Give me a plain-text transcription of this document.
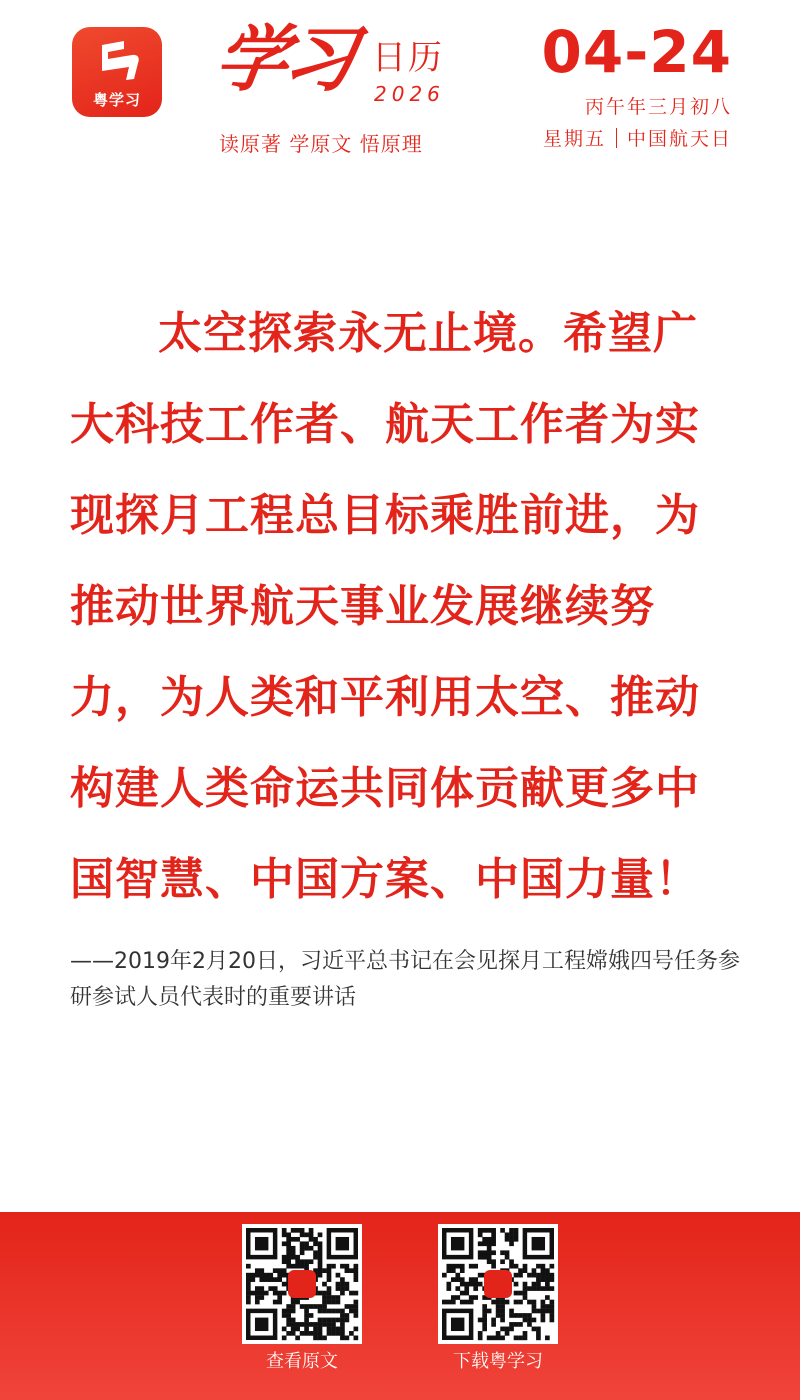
粤学习 学习 日历
2026
读原著 学原文 悟原理
04-24
丙午年三月初八
星期五 中国航天日

太空探索永无止境。希望广大科技工作者、航天工作者为实现探月工程总目标乘胜前进，为推动世界航天事业发展继续努力，为人类和平利用太空、推动构建人类命运共同体贡献更多中国智慧、中国方案、中国力量！

——2019年2月20日，习近平总书记在会见探月工程嫦娥四号任务参研参试人员代表时的重要讲话

查看原文	下载粤学习
